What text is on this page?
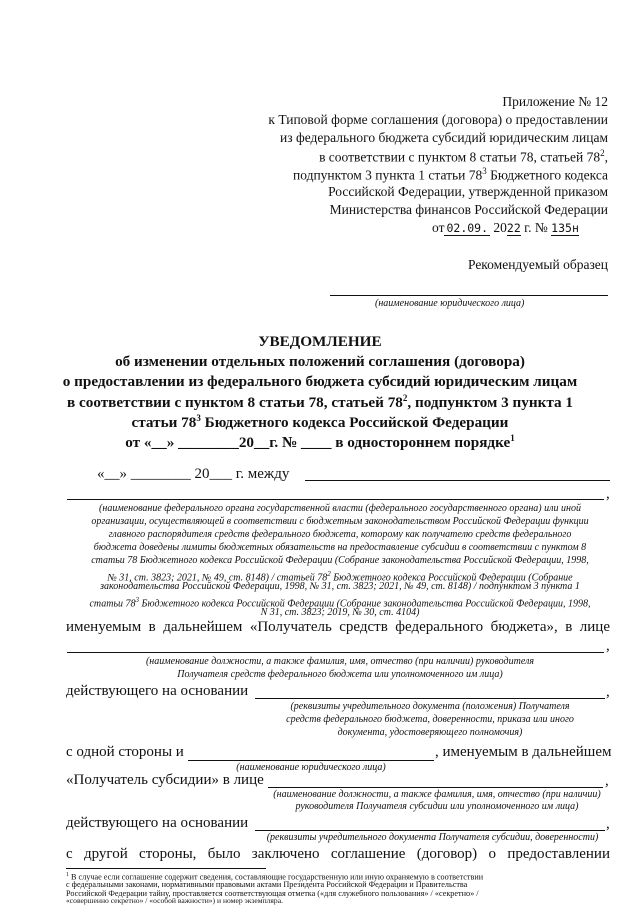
Приложение № 12
к Типовой форме соглашения (договора) о предоставлении
из федерального бюджета субсидий юридическим лицам
в соответствии с пунктом 8 статьи 78, статьей $78^2$,
подпунктом 3 пункта 1 статьи $78^3$ Бюджетного кодекса
Российской Федерации, утвержденной приказом
Министерства финансов Российской Федерации
от 02.09. 2022 г. № 135н
Рекомендуемый образец
(наименование юридического лица)
УВЕДОМЛЕНИЕ
об изменении отдельных положений соглашения (договора)
о предоставлении из федерального бюджета субсидий юридическим лицам
в соответствии с пунктом 8 статьи 78, статьей $78^2$, подпунктом 3 пункта 1
статьи $78^3$ Бюджетного кодекса Российской Федерации
от «__» ________20__г. № ____ в одностороннем порядке$^1$
«__» ________ 20___ г. между
,
(наименование федерального органа государственной власти (федерального государственного органа) или иной
организации, осуществляющей в соответствии с бюджетным законодательством Российской Федерации функции
главного распорядителя средств федерального бюджета, которому как получателю средств федерального
бюджета доведены лимиты бюджетных обязательств на предоставление субсидии в соответствии с пунктом 8
статьи 78 Бюджетного кодекса Российской Федерации (Собрание законодательства Российской Федерации, 1998,
№ 31, ст. 3823; 2021, № 49, ст. 8148) / статьей $78^2$ Бюджетного кодекса Российской Федерации (Собрание
законодательства Российской Федерации, 1998, № 31, ст. 3823; 2021, № 49, ст. 8148) / подпунктом 3 пункта 1
статьи $78^3$ Бюджетного кодекса Российской Федерации (Собрание законодательства Российской Федерации, 1998,
N 31, ст. 3823; 2019, № 30, ст. 4104)
именуемым в дальнейшем «Получатель средств федерального бюджета», в лице
,
(наименование должности, а также фамилия, имя, отчество (при наличии) руководителя
Получателя средств федерального бюджета или уполномоченного им лица)
действующего на основании	,
(реквизиты учредительного документа (положения) Получателя
средств федерального бюджета, доверенности, приказа или иного
документа, удостоверяющего полномочия)
с одной стороны и	, именуемым в дальнейшем
(наименование юридического лица)
«Получатель субсидии» в лице	,
(наименование должности, а также фамилия, имя, отчество (при наличии)
руководителя Получателя субсидии или уполномоченного им лица)
действующего на основании	,
(реквизиты учредительного документа Получателя субсидии, доверенности)
с другой стороны, было заключено соглашение (договор) о предоставлении
$^1$ В случае если соглашение содержит сведения, составляющие государственную или иную охраняемую в соответствии
с федеральными законами, нормативными правовыми актами Президента Российской Федерации и Правительства
Российской Федерации тайну, проставляется соответствующая отметка («для служебного пользования» / «секретно» /
«совершенно секретно» / «особой важности») и номер экземпляра.
